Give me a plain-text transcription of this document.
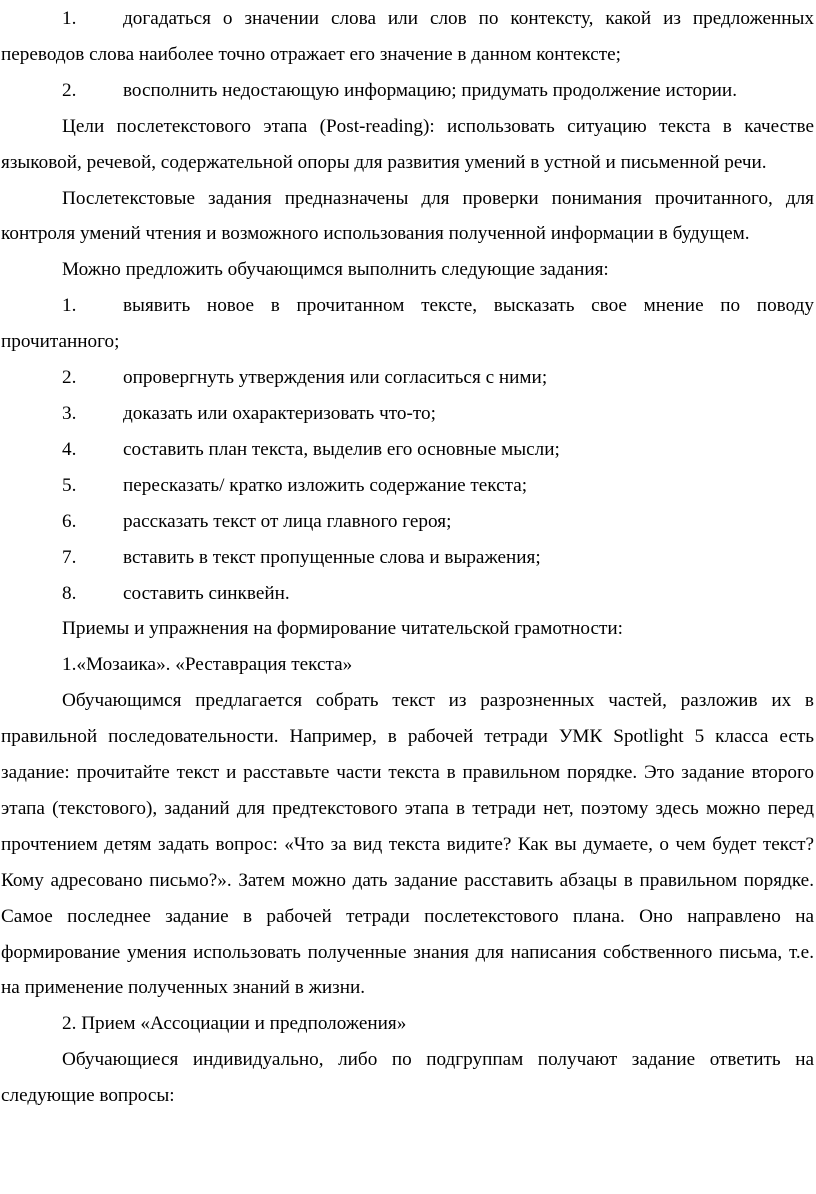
1. догадаться о значении слова или слов по контексту, какой из предложенных переводов слова наиболее точно отражает его значение в данном контексте;

2. восполнить недостающую информацию; придумать продолжение истории.

Цели послетекстового этапа (Post-reading): использовать ситуацию текста в качестве языковой, речевой, содержательной опоры для развития умений в устной и письменной речи.

Послетекстовые задания предназначены для проверки понимания прочитанного, для контроля умений чтения и возможного использования полученной информации в будущем.

Можно предложить обучающимся выполнить следующие задания:

1. выявить новое в прочитанном тексте, высказать свое мнение по поводу прочитанного;

2. опровергнуть утверждения или согласиться с ними;

3. доказать или охарактеризовать что-то;

4. составить план текста, выделив его основные мысли;

5. пересказать/ кратко изложить содержание текста;

6. рассказать текст от лица главного героя;

7. вставить в текст пропущенные слова и выражения;

8. составить синквейн.

Приемы и упражнения на формирование читательской грамотности:

1.«Мозаика». «Реставрация текста»

Обучающимся предлагается собрать текст из разрозненных частей, разложив их в правильной последовательности. Например, в рабочей тетради УМК Spotlight 5 класса есть задание: прочитайте текст и расставьте части текста в правильном порядке. Это задание второго этапа (текстового), заданий для предтекстового этапа в тетради нет, поэтому здесь можно перед прочтением детям задать вопрос: «Что за вид текста видите? Как вы думаете, о чем будет текст? Кому адресовано письмо?». Затем можно дать задание расставить абзацы в правильном порядке. Самое последнее задание в рабочей тетради послетекстового плана. Оно направлено на формирование умения использовать полученные знания для написания собственного письма, т.е. на применение полученных знаний в жизни.

2. Прием «Ассоциации и предположения»

Обучающиеся индивидуально, либо по подгруппам получают задание ответить на следующие вопросы:
